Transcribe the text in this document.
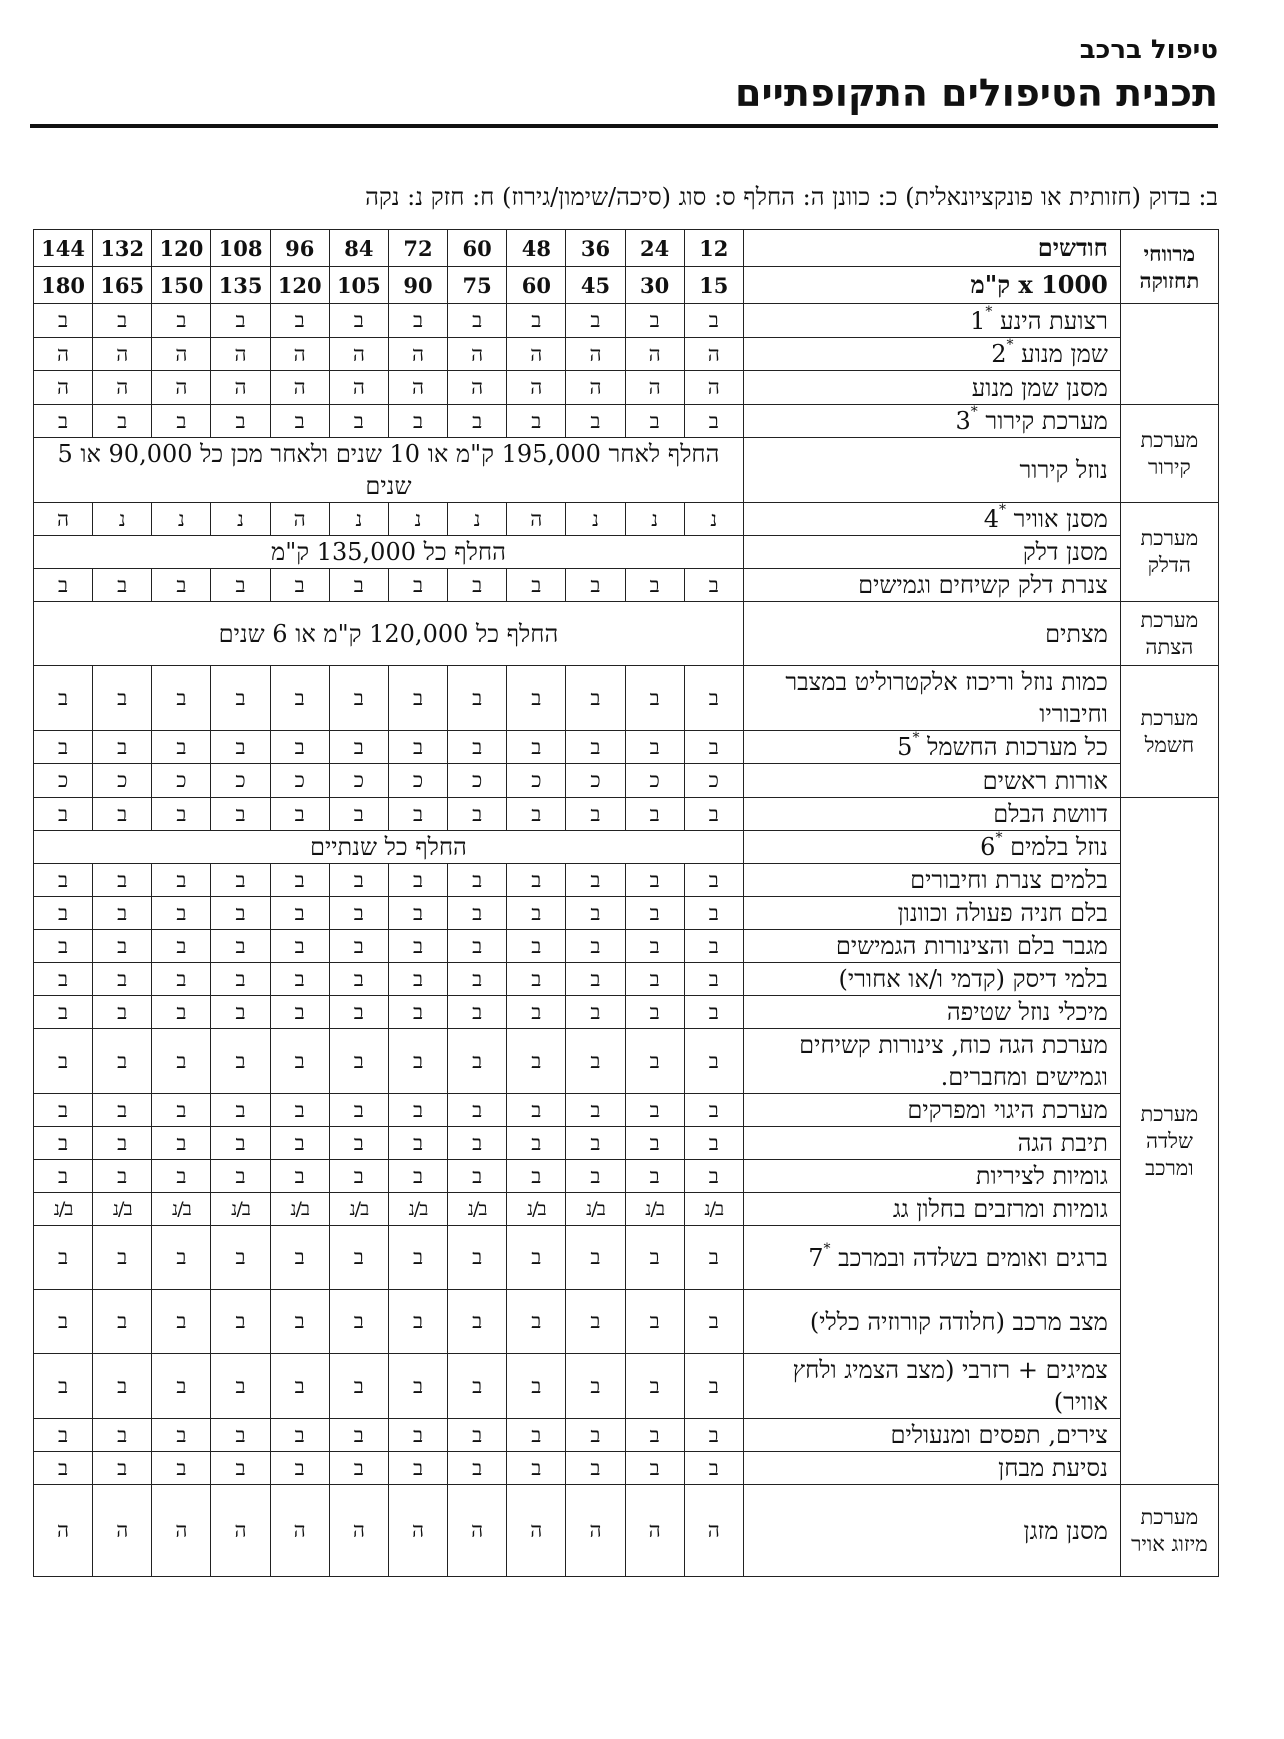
טיפול ברכב
תכנית הטיפולים התקופתיים
ב: בדוק (חזותית או פונקציונאלית) כ: כוונן ה: החלף ס: סוג (סיכה/שימון/גירוז) ח: חזק נ: נקה
מרווחי תחזוקה	חודשים	12	24	36	48	60	72	84	96	108	120	132	144
	1000 x ק"מ	15	30	45	60	75	90	105	120	135	150	165	180
	רצועת הינע *1	ב	ב	ב	ב	ב	ב	ב	ב	ב	ב	ב	ב
	שמן מנוע *2	ה	ה	ה	ה	ה	ה	ה	ה	ה	ה	ה	ה
	מסנן שמן מנוע	ה	ה	ה	ה	ה	ה	ה	ה	ה	ה	ה	ה
מערכת קירור	מערכת קירור *3	ב	ב	ב	ב	ב	ב	ב	ב	ב	ב	ב	ב
	נוזל קירור	החלף לאחר 195,000 ק"מ או 10 שנים ולאחר מכן כל 90,000 או 5 שנים											
מערכת הדלק	מסנן אוויר *4	נ	נ	נ	ה	נ	נ	נ	ה	נ	נ	נ	ה
	מסנן דלק	החלף כל 135,000 ק"מ											
	צנרת דלק קשיחים וגמישים	ב	ב	ב	ב	ב	ב	ב	ב	ב	ב	ב	ב
מערכת הצתה	מצתים	החלף כל 120,000 ק"מ או 6 שנים											
מערכת חשמל	כמות נוזל וריכוז אלקטרוליט במצבר וחיבוריו	ב	ב	ב	ב	ב	ב	ב	ב	ב	ב	ב	ב
	כל מערכות החשמל *5	ב	ב	ב	ב	ב	ב	ב	ב	ב	ב	ב	ב
	אורות ראשים	כ	כ	כ	כ	כ	כ	כ	כ	כ	כ	כ	כ
מערכת שלדה ומרכב	דוושת הבלם	ב	ב	ב	ב	ב	ב	ב	ב	ב	ב	ב	ב
	נוזל בלמים *6	החלף כל שנתיים											
	בלמים צנרת וחיבורים	ב	ב	ב	ב	ב	ב	ב	ב	ב	ב	ב	ב
	בלם חניה פעולה וכוונון	ב	ב	ב	ב	ב	ב	ב	ב	ב	ב	ב	ב
	מגבר בלם והצינורות הגמישים	ב	ב	ב	ב	ב	ב	ב	ב	ב	ב	ב	ב
	בלמי דיסק (קדמי ו/או אחורי)	ב	ב	ב	ב	ב	ב	ב	ב	ב	ב	ב	ב
	מיכלי נוזל שטיפה	ב	ב	ב	ב	ב	ב	ב	ב	ב	ב	ב	ב
	מערכת הגה כוח, צינורות קשיחים וגמישים ומחברים.	ב	ב	ב	ב	ב	ב	ב	ב	ב	ב	ב	ב
	מערכת היגוי ומפרקים	ב	ב	ב	ב	ב	ב	ב	ב	ב	ב	ב	ב
	תיבת הגה	ב	ב	ב	ב	ב	ב	ב	ב	ב	ב	ב	ב
	גומיות לציריות	ב	ב	ב	ב	ב	ב	ב	ב	ב	ב	ב	ב
	גומיות ומרזבים בחלון גג	ב/נ	ב/נ	ב/נ	ב/נ	ב/נ	ב/נ	ב/נ	ב/נ	ב/נ	ב/נ	ב/נ	ב/נ
	ברגים ואומים בשלדה ובמרכב *7	ב	ב	ב	ב	ב	ב	ב	ב	ב	ב	ב	ב
	מצב מרכב (חלודה קורוזיה כללי)	ב	ב	ב	ב	ב	ב	ב	ב	ב	ב	ב	ב
	צמיגים + רזרבי (מצב הצמיג ולחץ אוויר)	ב	ב	ב	ב	ב	ב	ב	ב	ב	ב	ב	ב
	צירים, תפסים ומנעולים	ב	ב	ב	ב	ב	ב	ב	ב	ב	ב	ב	ב
	נסיעת מבחן	ב	ב	ב	ב	ב	ב	ב	ב	ב	ב	ב	ב
מערכת מיזוג אויר	מסנן מזגן	ה	ה	ה	ה	ה	ה	ה	ה	ה	ה	ה	ה
